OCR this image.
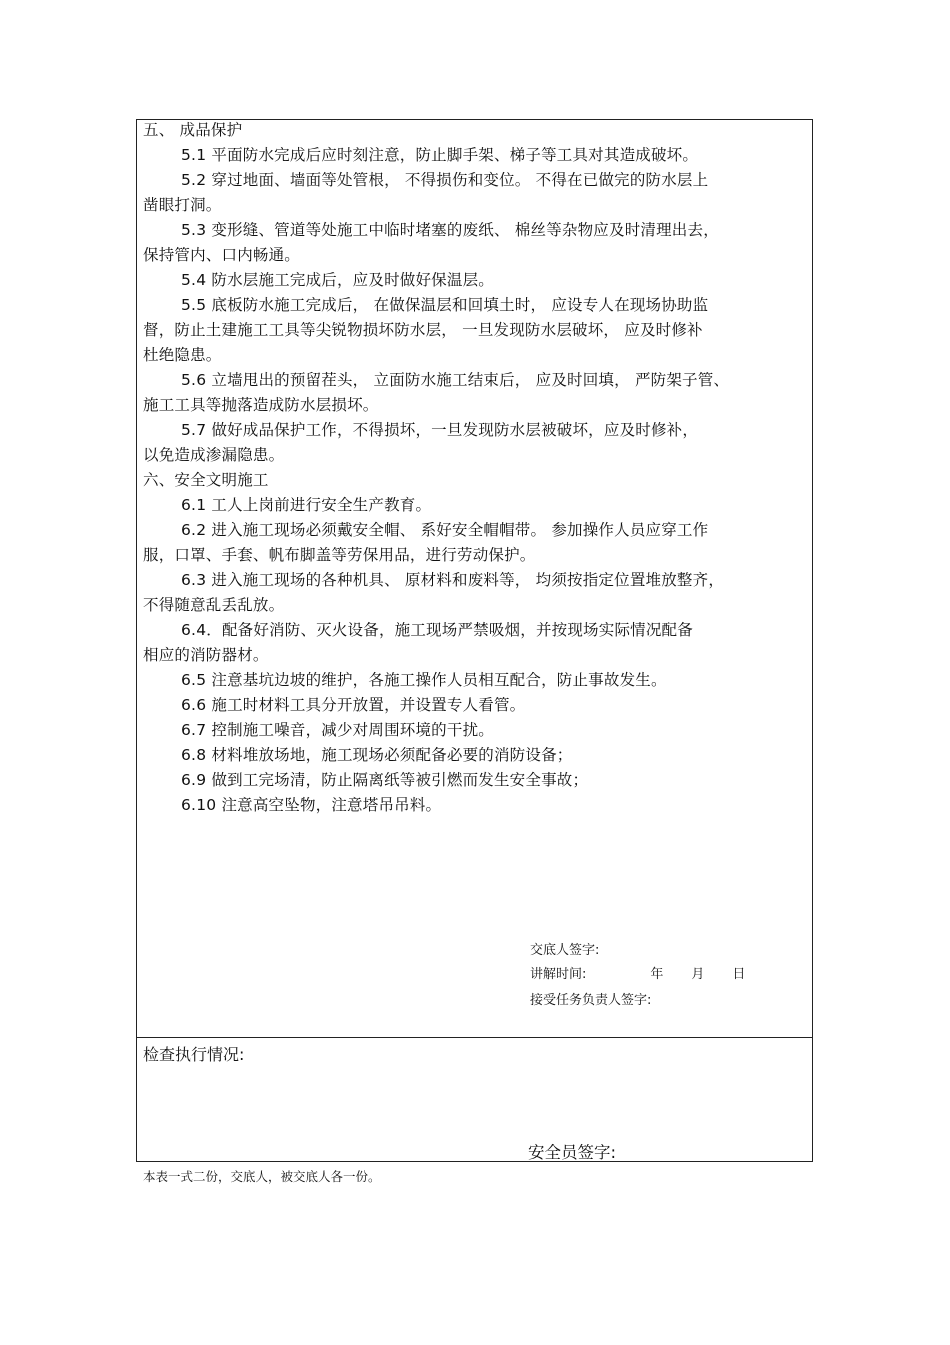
五、 成品保护

5.1 平面防水完成后应时刻注意，防止脚手架、梯子等工具对其造成破坏。

5.2 穿过地面、墙面等处管根， 不得损伤和变位。 不得在已做完的防水层上

凿眼打洞。

5.3 变形缝、管道等处施工中临时堵塞的废纸、 棉丝等杂物应及时清理出去，

保持管内、口内畅通。

5.4 防水层施工完成后，应及时做好保温层。

5.5 底板防水施工完成后， 在做保温层和回填土时， 应设专人在现场协助监

督，防止土建施工工具等尖锐物损坏防水层， 一旦发现防水层破坏， 应及时修补

杜绝隐患。

5.6 立墙甩出的预留茬头， 立面防水施工结束后， 应及时回填， 严防架子管、

施工工具等抛落造成防水层损坏。

5.7 做好成品保护工作，不得损坏，一旦发现防水层被破坏，应及时修补，

以免造成渗漏隐患。

六、安全文明施工

6.1 工人上岗前进行安全生产教育。

6.2 进入施工现场必须戴安全帽、 系好安全帽帽带。 参加操作人员应穿工作

服，口罩、手套、帆布脚盖等劳保用品，进行劳动保护。

6.3 进入施工现场的各种机具、 原材料和废料等， 均须按指定位置堆放整齐，

不得随意乱丢乱放。

6.4．配备好消防、灭火设备，施工现场严禁吸烟，并按现场实际情况配备

相应的消防器材。

6.5 注意基坑边坡的维护，各施工操作人员相互配合，防止事故发生。

6.6 施工时材料工具分开放置，并设置专人看管。

6.7 控制施工噪音，减少对周围环境的干扰。

6.8 材料堆放场地，施工现场必须配备必要的消防设备；

6.9 做到工完场清，防止隔离纸等被引燃而发生安全事故；

6.10 注意高空坠物，注意塔吊吊料。

交底人签字:
讲解时间:	年 月 日
接受任务负责人签字:
检查执行情况:
安全员签字:
本表一式二份，交底人，被交底人各一份。
